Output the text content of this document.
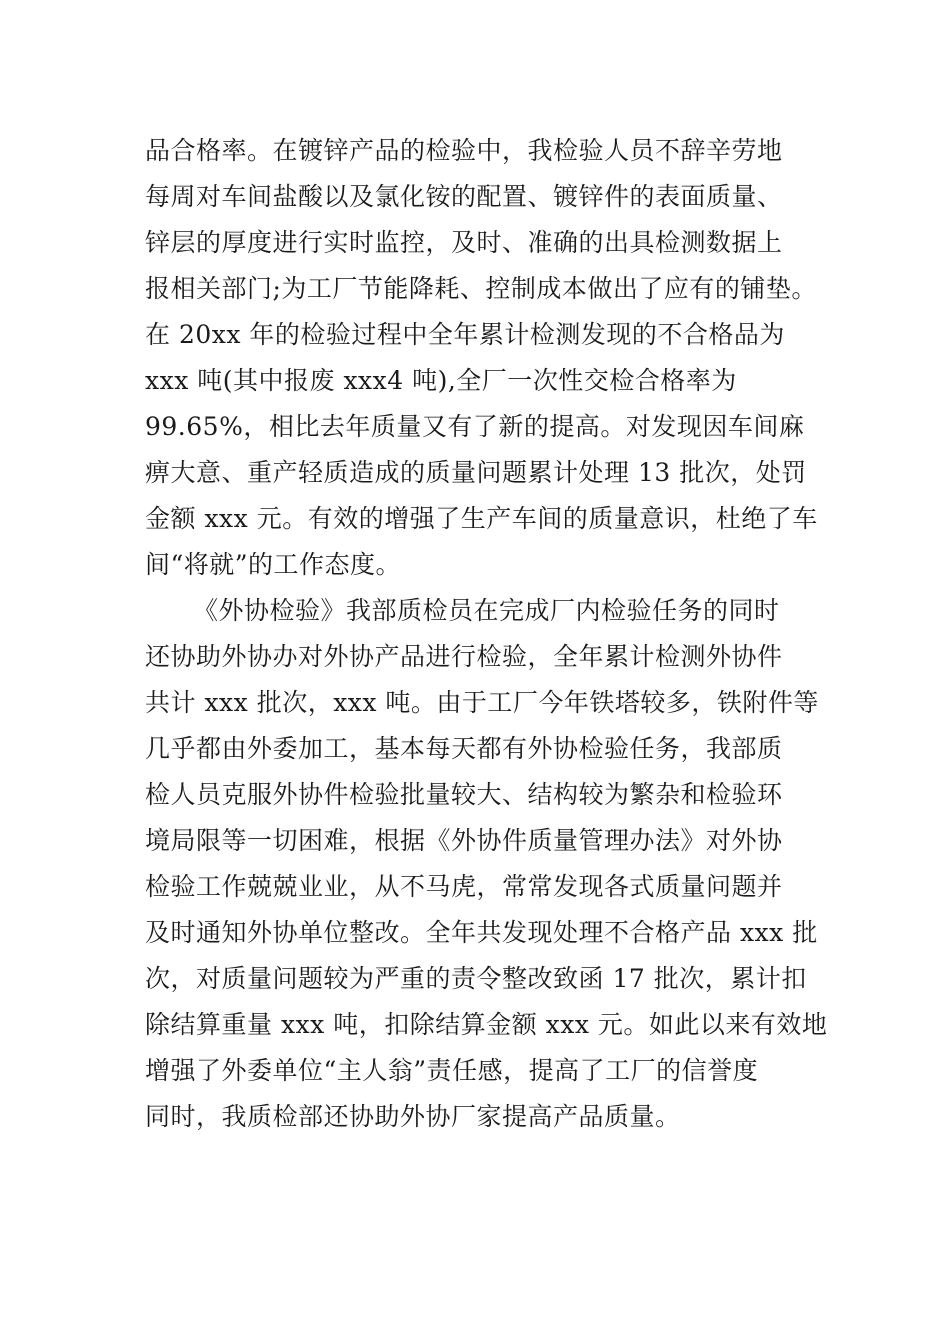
品合格率。在镀锌产品的检验中，我检验人员不辞辛劳地
每周对车间盐酸以及氯化铵的配置、镀锌件的表面质量、
锌层的厚度进行实时监控，及时、准确的出具检测数据上
报相关部门;为工厂节能降耗、控制成本做出了应有的铺垫。
在 20xx 年的检验过程中全年累计检测发现的不合格品为
xxx 吨(其中报废 xxx4 吨),全厂一次性交检合格率为
99.65%，相比去年质量又有了新的提高。对发现因车间麻
痹大意、重产轻质造成的质量问题累计处理 13 批次，处罚
金额 xxx 元。有效的增强了生产车间的质量意识，杜绝了车
间“将就”的工作态度。
《外协检验》我部质检员在完成厂内检验任务的同时
还协助外协办对外协产品进行检验，全年累计检测外协件
共计 xxx 批次，xxx 吨。由于工厂今年铁塔较多，铁附件等
几乎都由外委加工，基本每天都有外协检验任务，我部质
检人员克服外协件检验批量较大、结构较为繁杂和检验环
境局限等一切困难，根据《外协件质量管理办法》对外协
检验工作兢兢业业，从不马虎，常常发现各式质量问题并
及时通知外协单位整改。全年共发现处理不合格产品 xxx 批
次，对质量问题较为严重的责令整改致函 17 批次，累计扣
除结算重量 xxx 吨，扣除结算金额 xxx 元。如此以来有效地
增强了外委单位“主人翁”责任感，提高了工厂的信誉度
同时，我质检部还协助外协厂家提高产品质量。
